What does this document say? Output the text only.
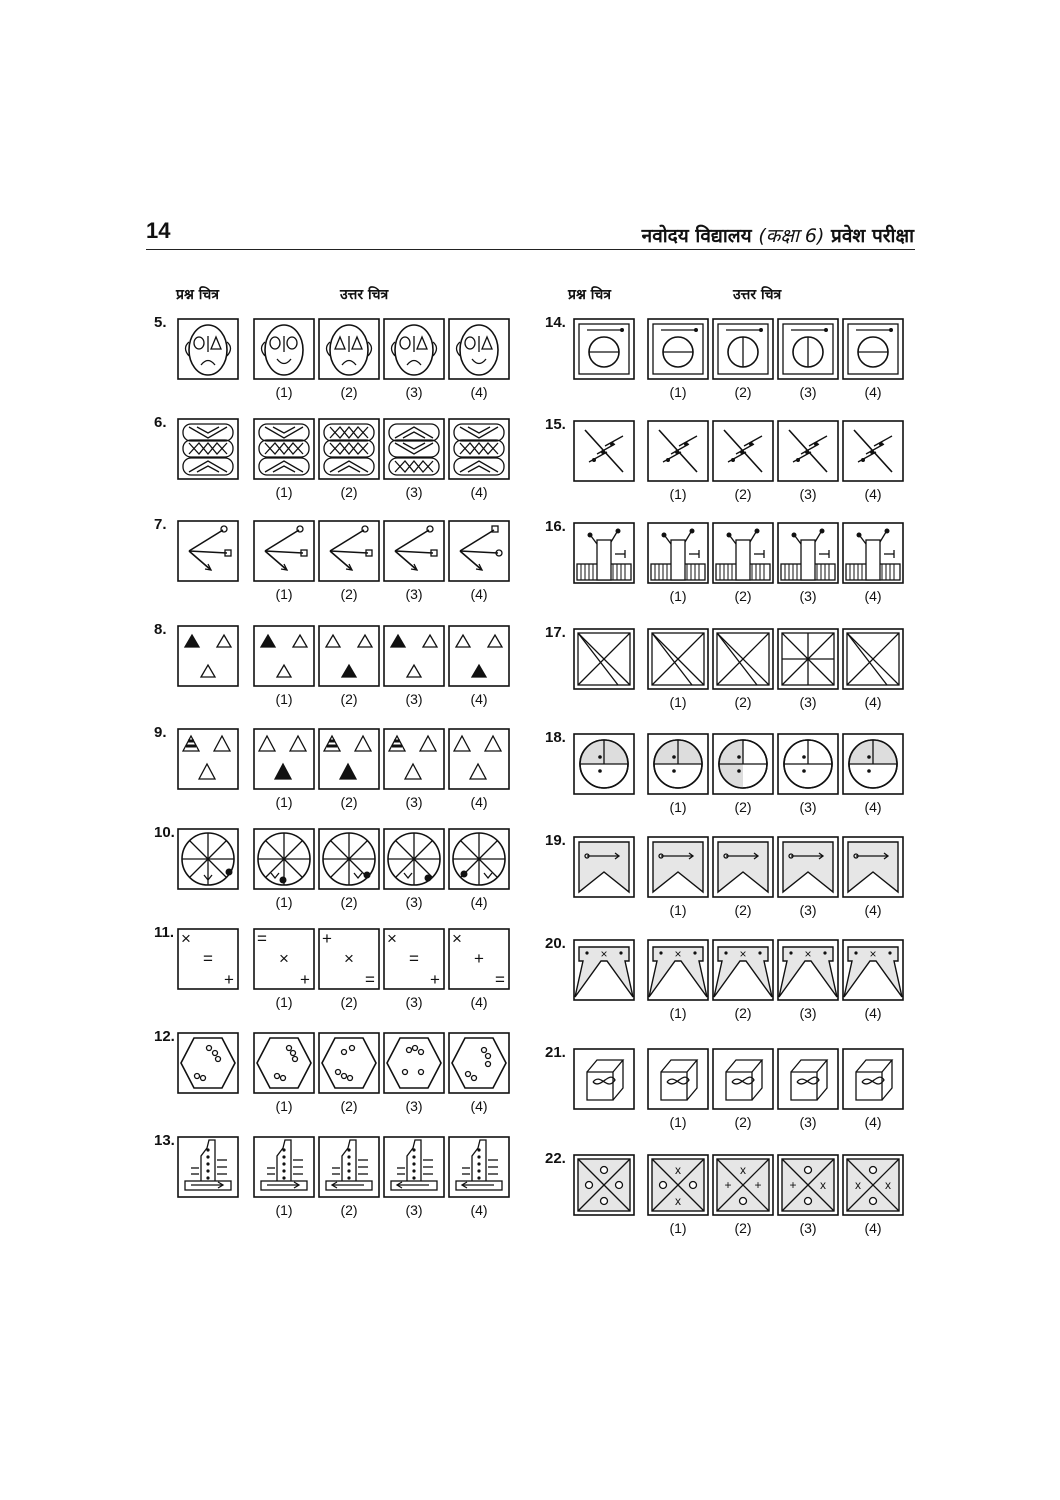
14	नवोदय विद्यालय (कक्षा 6) प्रवेश परीक्षा
प्रश्न चित्र	उत्तर चित्र	प्रश्न चित्र	उत्तर चित्र
5.
(1)	(2)	(3)	(4)
6.
(1)	(2)	(3)	(4)
7.
(1)	(2)	(3)	(4)
8.
(1)	(2)	(3)	(4)
9.
(1)	(2)	(3)	(4)
10.
(1)	(2)	(3)	(4)
11. ×
=
+
=
×
+
(1)
+
×
=
(2)
×
=
+
(3)
×
+
=
(4)
12.
(1)	(2)	(3)	(4)
13.
(1)	(2)	(3)	(4)
14.
(1)	(2)	(3)	(4)
15.
(1)	(2)	(3)	(4)
16.
(1)	(2)	(3)	(4)
17.
(1)	(2)	(3)	(4)
18.
(1)	(2)	(3)	(4)
19.
(1)	(2)	(3)	(4)
20.
×	×
(1)
×
(2)
×
(3)
×
(4)
21.
(1)	(2)	(3)	(4)
22.
x
x
(1)
x
+ +
(2)
+ x
(3)
x x
(4)
